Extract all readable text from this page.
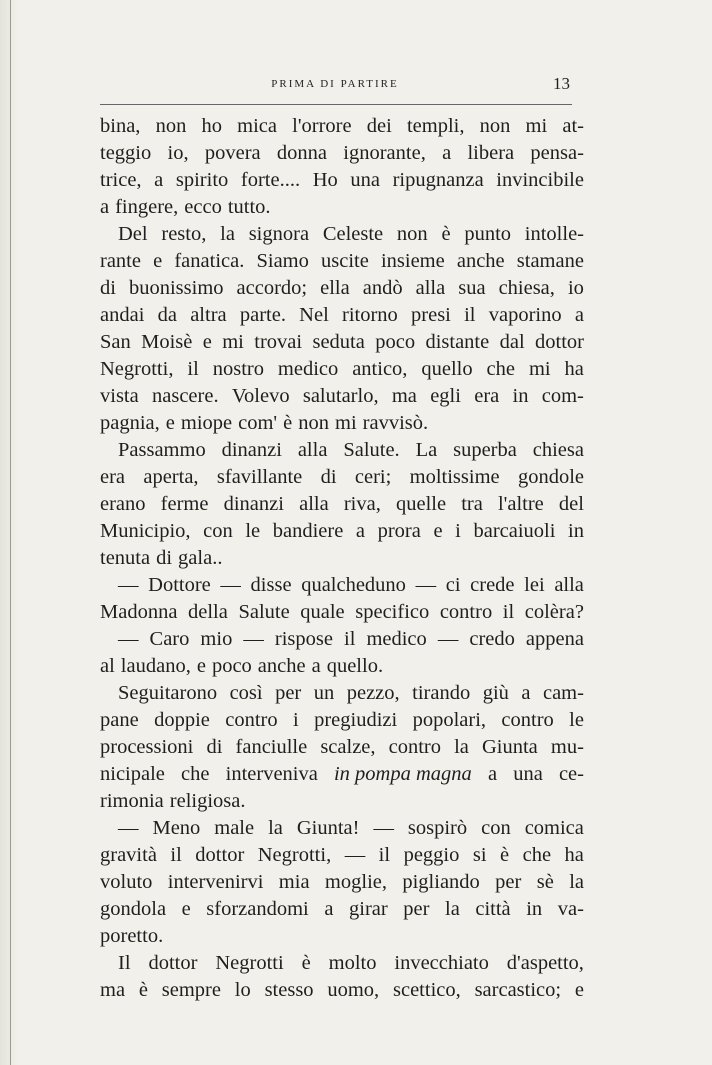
PRIMA DI PARTIRE	13
bina, non ho mica l'orrore dei templi, non mi at-
teggio io, povera donna ignorante, a libera pensa-
trice, a spirito forte.... Ho una ripugnanza invincibile
a fingere, ecco tutto.
Del resto, la signora Celeste non è punto intolle-
rante e fanatica. Siamo uscite insieme anche stamane
di buonissimo accordo; ella andò alla sua chiesa, io
andai da altra parte. Nel ritorno presi il vaporino a
San Moisè e mi trovai seduta poco distante dal dottor
Negrotti, il nostro medico antico, quello che mi ha
vista nascere. Volevo salutarlo, ma egli era in com-
pagnia, e miope com' è non mi ravvisò.
Passammo dinanzi alla Salute. La superba chiesa
era aperta, sfavillante di ceri; moltissime gondole
erano ferme dinanzi alla riva, quelle tra l'altre del
Municipio, con le bandiere a prora e i barcaiuoli in
tenuta di gala..
— Dottore — disse qualcheduno — ci crede lei alla
Madonna della Salute quale specifico contro il colèra?
— Caro mio — rispose il medico — credo appena
al laudano, e poco anche a quello.
Seguitarono così per un pezzo, tirando giù a cam-
pane doppie contro i pregiudizi popolari, contro le
processioni di fanciulle scalze, contro la Giunta mu-
nicipale che interveniva in pompa magna a una ce-
rimonia religiosa.
— Meno male la Giunta! — sospirò con comica
gravità il dottor Negrotti, — il peggio si è che ha
voluto intervenirvi mia moglie, pigliando per sè la
gondola e sforzandomi a girar per la città in va-
poretto.
Il dottor Negrotti è molto invecchiato d'aspetto,
ma è sempre lo stesso uomo, scettico, sarcastico; e
